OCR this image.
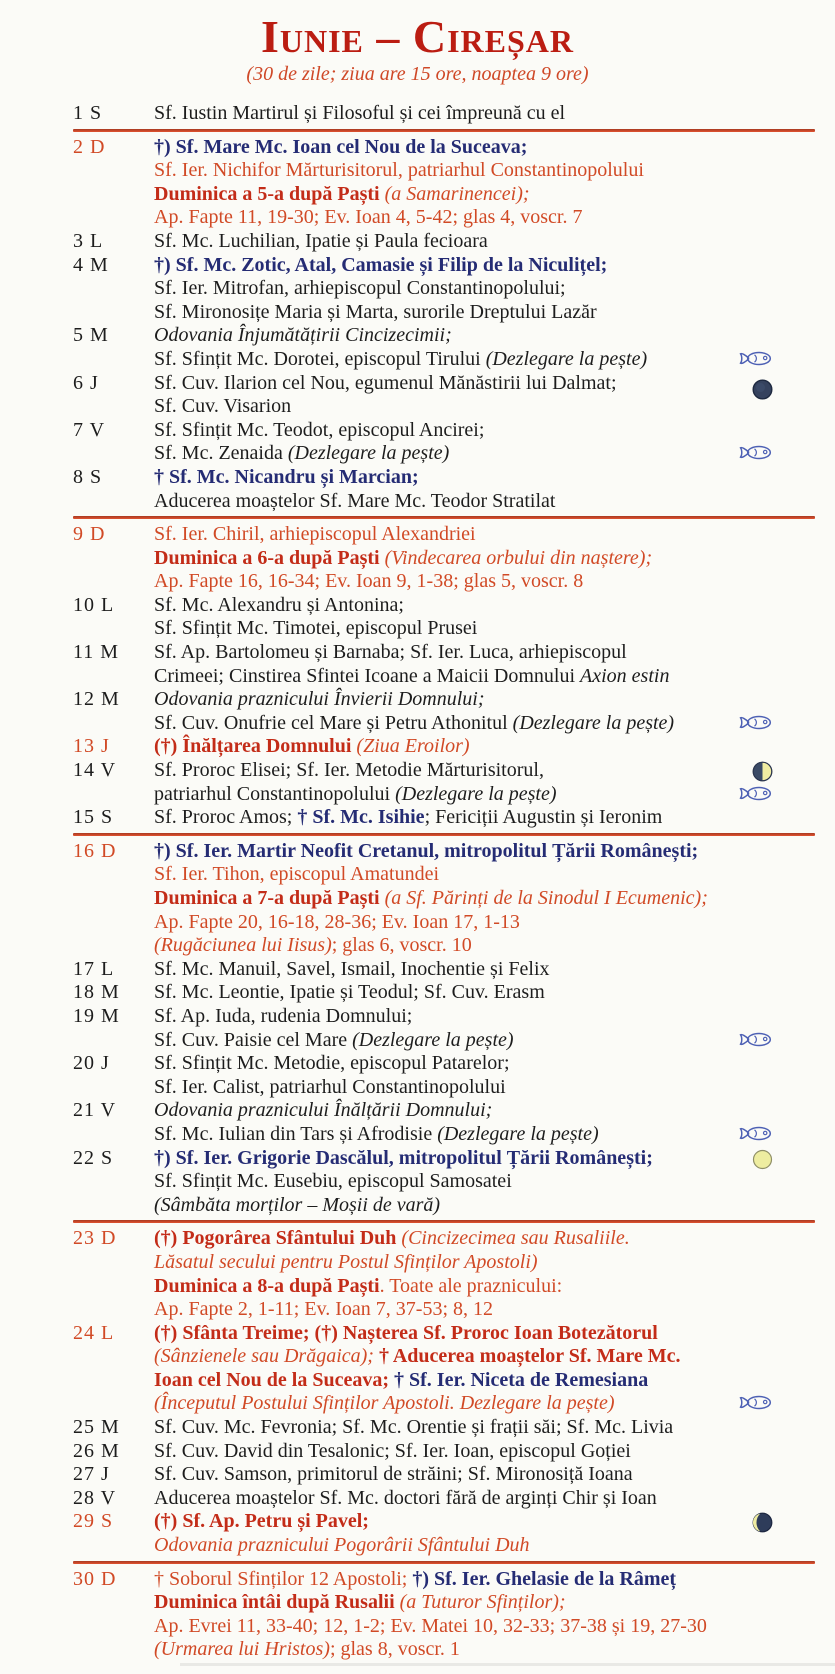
Iunie – Cireșar
(30 de zile; ziua are 15 ore, noaptea 9 ore)
1 S	Sf. Iustin Martirul și Filosoful și cei împreună cu el
2 D	†) Sf. Mare Mc. Ioan cel Nou de la Suceava;
Sf. Ier. Nichifor Mărturisitorul, patriarhul Constantinopolului
Duminica a 5-a după Paști (a Samarinencei);
Ap. Fapte 11, 19-30; Ev. Ioan 4, 5-42; glas 4, voscr. 7
3 L	Sf. Mc. Luchilian, Ipatie și Paula fecioara
4 M	†) Sf. Mc. Zotic, Atal, Camasie și Filip de la Niculițel;
Sf. Ier. Mitrofan, arhiepiscopul Constantinopolului;
Sf. Mironosițe Maria și Marta, surorile Dreptului Lazăr
5 M	Odovania Înjumătățirii Cincizecimii;
Sf. Sfințit Mc. Dorotei, episcopul Tirului (Dezlegare la pește)
6 J	Sf. Cuv. Ilarion cel Nou, egumenul Mănăstirii lui Dalmat;
Sf. Cuv. Visarion
7 V	Sf. Sfințit Mc. Teodot, episcopul Ancirei;
Sf. Mc. Zenaida (Dezlegare la pește)
8 S	† Sf. Mc. Nicandru și Marcian;
Aducerea moaștelor Sf. Mare Mc. Teodor Stratilat
9 D	Sf. Ier. Chiril, arhiepiscopul Alexandriei
Duminica a 6-a după Paști (Vindecarea orbului din naștere);
Ap. Fapte 16, 16-34; Ev. Ioan 9, 1-38; glas 5, voscr. 8
10 L	Sf. Mc. Alexandru și Antonina;
Sf. Sfințit Mc. Timotei, episcopul Prusei
11 M	Sf. Ap. Bartolomeu și Barnaba; Sf. Ier. Luca, arhiepiscopul
Crimeei; Cinstirea Sfintei Icoane a Maicii Domnului Axion estin
12 M	Odovania praznicului Învierii Domnului;
Sf. Cuv. Onufrie cel Mare și Petru Athonitul (Dezlegare la pește)
13 J	(†) Înălțarea Domnului (Ziua Eroilor)
14 V	Sf. Proroc Elisei; Sf. Ier. Metodie Mărturisitorul,
patriarhul Constantinopolului (Dezlegare la pește)
15 S	Sf. Proroc Amos; † Sf. Mc. Isihie; Fericiții Augustin și Ieronim
16 D	†) Sf. Ier. Martir Neofit Cretanul, mitropolitul Țării Românești;
Sf. Ier. Tihon, episcopul Amatundei
Duminica a 7-a după Paști (a Sf. Părinți de la Sinodul I Ecumenic);
Ap. Fapte 20, 16-18, 28-36; Ev. Ioan 17, 1-13
(Rugăciunea lui Iisus); glas 6, voscr. 10
17 L	Sf. Mc. Manuil, Savel, Ismail, Inochentie și Felix
18 M	Sf. Mc. Leontie, Ipatie și Teodul; Sf. Cuv. Erasm
19 M	Sf. Ap. Iuda, rudenia Domnului;
Sf. Cuv. Paisie cel Mare (Dezlegare la pește)
20 J	Sf. Sfințit Mc. Metodie, episcopul Patarelor;
Sf. Ier. Calist, patriarhul Constantinopolului
21 V	Odovania praznicului Înălțării Domnului;
Sf. Mc. Iulian din Tars și Afrodisie (Dezlegare la pește)
22 S	†) Sf. Ier. Grigorie Dascălul, mitropolitul Țării Românești;
Sf. Sfințit Mc. Eusebiu, episcopul Samosatei
(Sâmbăta morților – Moșii de vară)
23 D	(†) Pogorârea Sfântului Duh (Cincizecimea sau Rusaliile.
Lăsatul secului pentru Postul Sfinților Apostoli)
Duminica a 8-a după Paști. Toate ale praznicului:
Ap. Fapte 2, 1-11; Ev. Ioan 7, 37-53; 8, 12
24 L	(†) Sfânta Treime; (†) Nașterea Sf. Proroc Ioan Botezătorul
(Sânzienele sau Drăgaica); † Aducerea moaștelor Sf. Mare Mc.
Ioan cel Nou de la Suceava; † Sf. Ier. Niceta de Remesiana
(Începutul Postului Sfinților Apostoli. Dezlegare la pește)
25 M	Sf. Cuv. Mc. Fevronia; Sf. Mc. Orentie și frații săi; Sf. Mc. Livia
26 M	Sf. Cuv. David din Tesalonic; Sf. Ier. Ioan, episcopul Goției
27 J	Sf. Cuv. Samson, primitorul de străini; Sf. Mironosiță Ioana
28 V	Aducerea moaștelor Sf. Mc. doctori fără de arginți Chir și Ioan
29 S	(†) Sf. Ap. Petru și Pavel;
Odovania praznicului Pogorârii Sfântului Duh
30 D	† Soborul Sfinților 12 Apostoli; †) Sf. Ier. Ghelasie de la Râmeț
Duminica întâi după Rusalii (a Tuturor Sfinților);
Ap. Evrei 11, 33-40; 12, 1-2; Ev. Matei 10, 32-33; 37-38 și 19, 27-30
(Urmarea lui Hristos); glas 8, voscr. 1
